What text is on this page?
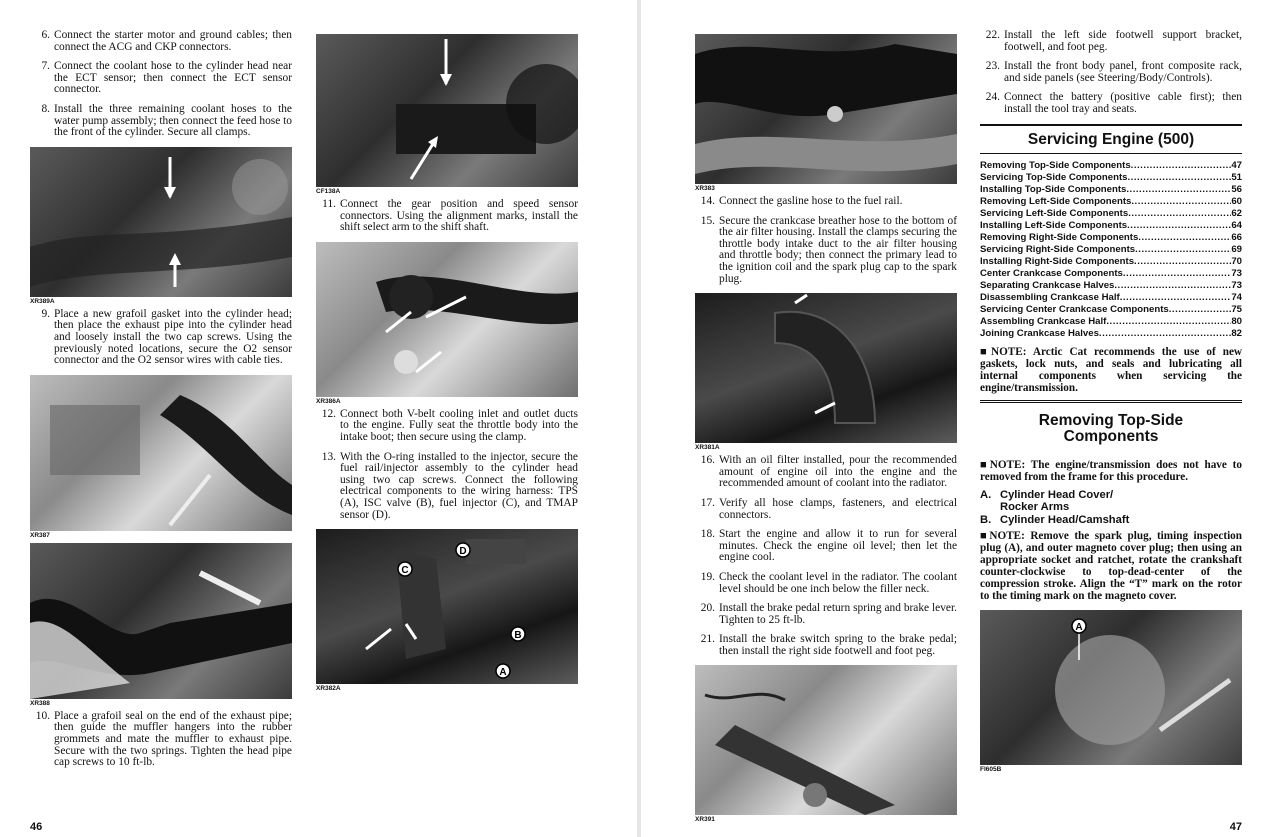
6. Connect the starter motor and ground cables; then connect the ACG and CKP connectors.
7. Connect the coolant hose to the cylinder head near the ECT sensor; then connect the ECT sensor connector.
8. Install the three remaining coolant hoses to the water pump assembly; then connect the feed hose to the front of the cylinder. Secure all clamps.
XR389A
9. Place a new grafoil gasket into the cylinder head; then place the exhaust pipe into the cylinder head and loosely install the two cap screws. Using the previously noted locations, secure the O2 sensor connector and the O2 sensor wires with cable ties.
XR387
XR388
10. Place a grafoil seal on the end of the exhaust pipe; then guide the muffler hangers into the rubber grommets and mate the muffler to exhaust pipe. Secure with the two springs. Tighten the head pipe cap screws to 10 ft-lb.
CF138A
11. Connect the gear position and speed sensor connectors. Using the alignment marks, install the shift select arm to the shift shaft.
XR386A
12. Connect both V-belt cooling inlet and outlet ducts to the engine. Fully seat the throttle body into the intake boot; then secure using the clamp.
13. With the O-ring installed to the injector, secure the fuel rail/injector assembly to the cylinder head using two cap screws. Connect the following electrical components to the wiring harness: TPS (A), ISC valve (B), fuel injector (C), and TMAP sensor (D).
A
B
C
D
XR382A
46
XR383
14. Connect the gasline hose to the fuel rail.
15. Secure the crankcase breather hose to the bottom of the air filter housing. Install the clamps securing the throttle body intake duct to the air filter housing and throttle body; then connect the primary lead to the ignition coil and the spark plug cap to the spark plug.
XR381A
16. With an oil filter installed, pour the recommended amount of engine oil into the engine and the recommended amount of coolant into the radiator.
17. Verify all hose clamps, fasteners, and electrical connectors.
18. Start the engine and allow it to run for several minutes. Check the engine oil level; then let the engine cool.
19. Check the coolant level in the radiator. The coolant level should be one inch below the filler neck.
20. Install the brake pedal return spring and brake lever. Tighten to 25 ft-lb.
21. Install the brake switch spring to the brake pedal; then install the right side footwell and foot peg.
XR391
22. Install the left side footwell support bracket, footwell, and foot peg.
23. Install the front body panel, front composite rack, and side panels (see Steering/Body/Controls).
24. Connect the battery (positive cable first); then install the tool tray and seats.
Servicing Engine (500)
Removing Top-Side Components .....	47
Servicing Top-Side Components .....	51
Installing Top-Side Components .....	56
Removing Left-Side Components .....	60
Servicing Left-Side Components .....	62
Installing Left-Side Components .....	64
Removing Right-Side Components .....	66
Servicing Right-Side Components .....	69
Installing Right-Side Components .....	70
Center Crankcase Components .....	73
Separating Crankcase Halves .....	73
Disassembling Crankcase Half .....	74
Servicing Center Crankcase Components .....	75
Assembling Crankcase Half .....	80
Joining Crankcase Halves .....	82
■NOTE: Arctic Cat recommends the use of new gaskets, lock nuts, and seals and lubricating all internal components when servicing the engine/transmission.
Removing Top-Side
Components
■NOTE: The engine/transmission does not have to removed from the frame for this procedure.
A. Cylinder Head Cover/
Rocker Arms
B. Cylinder Head/Camshaft
■NOTE: Remove the spark plug, timing inspection plug (A), and outer magneto cover plug; then using an appropriate socket and ratchet, rotate the crankshaft counter-clockwise to top-dead-center of the compression stroke. Align the “T” mark on the rotor to the timing mark on the magneto cover.
A
FI605B
47
